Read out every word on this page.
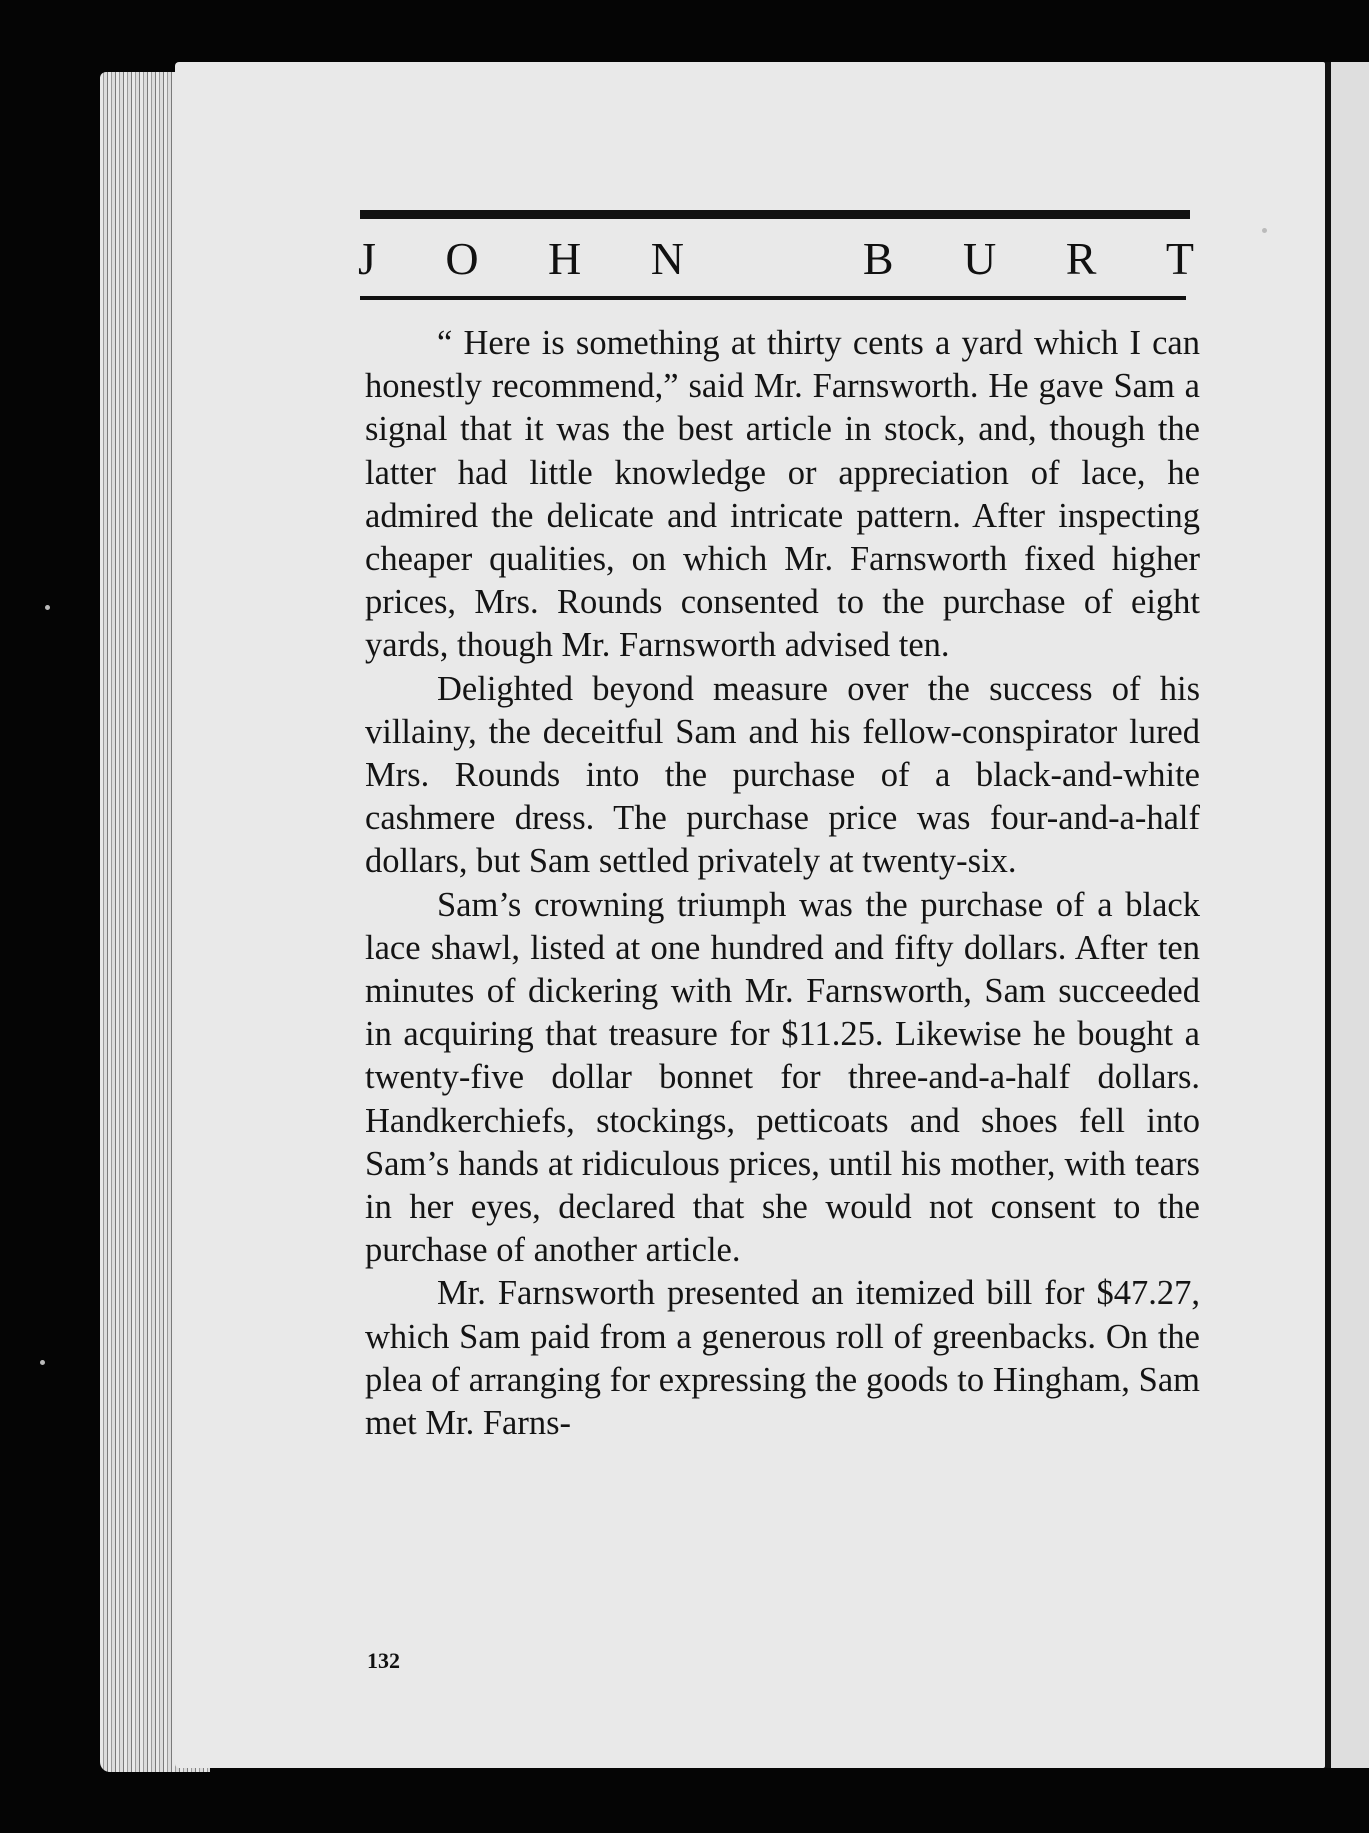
J O H N	B U R T

“ Here is something at thirty cents a yard which I can honestly recommend,” said Mr. Farnsworth. He gave Sam a signal that it was the best article in stock, and, though the latter had little knowledge or appreciation of lace, he admired the delicate and intricate pattern. After inspecting cheaper qualities, on which Mr. Farnsworth fixed higher prices, Mrs. Rounds consented to the purchase of eight yards, though Mr. Farnsworth advised ten.

Delighted beyond measure over the success of his villainy, the deceitful Sam and his fellow-conspirator lured Mrs. Rounds into the purchase of a black-and-white cashmere dress. The purchase price was four-and-a-half dollars, but Sam settled privately at twenty-six.

Sam’s crowning triumph was the purchase of a black lace shawl, listed at one hundred and fifty dollars. After ten minutes of dickering with Mr. Farnsworth, Sam succeeded in acquiring that treasure for $11.25. Likewise he bought a twenty-five dollar bonnet for three-and-a-half dollars. Handkerchiefs, stockings, petticoats and shoes fell into Sam’s hands at ridiculous prices, until his mother, with tears in her eyes, declared that she would not consent to the purchase of another article.

Mr. Farnsworth presented an itemized bill for $47.27, which Sam paid from a generous roll of greenbacks. On the plea of arranging for expressing the goods to Hingham, Sam met Mr. Farns-

132
